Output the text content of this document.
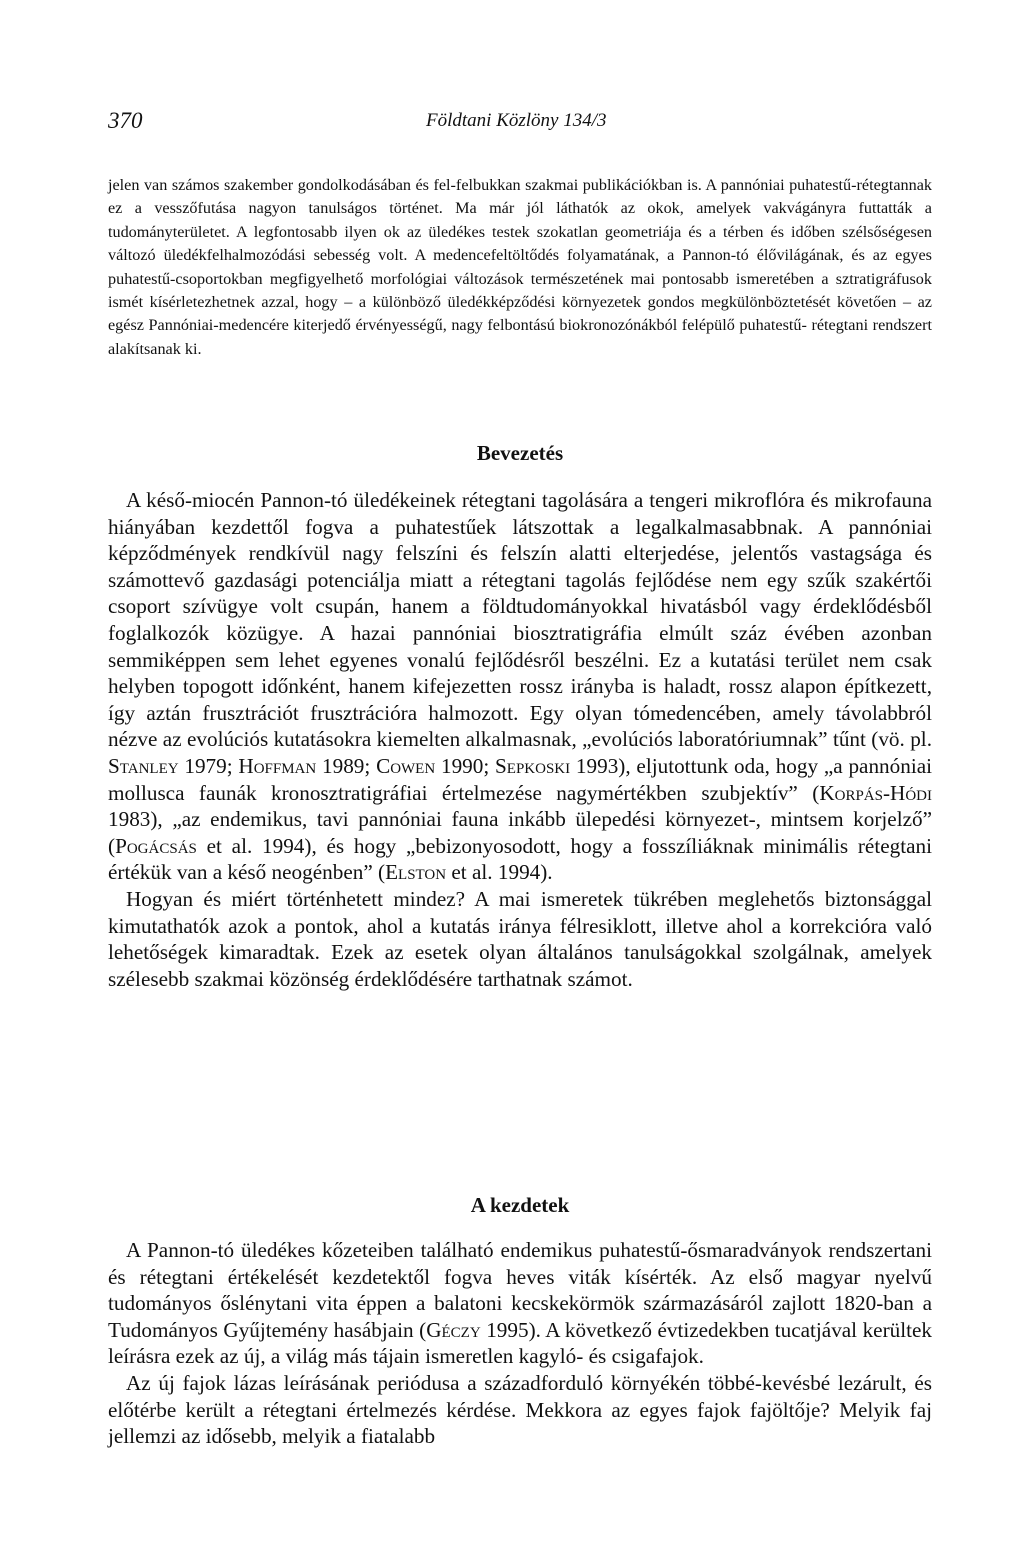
370	Földtani Közlöny 134/3

jelen van számos szakember gondolkodásában és fel-felbukkan szakmai publikációkban is. A pannóniai puhatestű-rétegtannak ez a vesszőfutása nagyon tanulságos történet. Ma már jól láthatók az okok, amelyek vakvágányra futtatták a tudományterületet. A legfontosabb ilyen ok az üledékes testek szokatlan geometriája és a térben és időben szélsőségesen változó üledékfelhalmozódási sebesség volt. A medencefeltöltődés folyamatának, a Pannon-tó élővilágának, és az egyes puhatestű-csoportokban megfigyelhető morfológiai változások természetének mai pontosabb ismeretében a sztratigráfusok ismét kísérletezhetnek azzal, hogy – a különböző üledékképződési környezetek gondos megkülönböztetését követően – az egész Pannóniai-medencére kiterjedő érvényességű, nagy felbontású biokronozónákból felépülő puhatestű- rétegtani rendszert alakítsanak ki.

Bevezetés

A késő-miocén Pannon-tó üledékeinek rétegtani tagolására a tengeri mikroflóra és mikrofauna hiányában kezdettől fogva a puhatestűek látszottak a legalkalmasabbnak. A pannóniai képződmények rendkívül nagy felszíni és felszín alatti elterjedése, jelentős vastagsága és számottevő gazdasági potenciálja miatt a rétegtani tagolás fejlődése nem egy szűk szakértői csoport szívügye volt csupán, hanem a földtudományokkal hivatásból vagy érdeklődésből foglalkozók közügye. A hazai pannóniai biosztratigráfia elmúlt száz évében azonban semmiképpen sem lehet egyenes vonalú fejlődésről beszélni. Ez a kutatási terület nem csak helyben topogott időnként, hanem kifejezetten rossz irányba is haladt, rossz alapon építkezett, így aztán frusztrációt frusztrációra halmozott. Egy olyan tómedencében, amely távolabbról nézve az evolúciós kutatásokra kiemelten alkalmasnak, „evolúciós laboratóriumnak” tűnt (vö. pl. Stanley 1979; Hoffman 1989; Cowen 1990; Sepkoski 1993), eljutottunk oda, hogy „a pannóniai mollusca faunák kronosztratigráfiai értelmezése nagymértékben szubjektív” (Korpás-Hódi 1983), „az endemikus, tavi pannóniai fauna inkább ülepedési környezet-, mintsem korjelző” (Pogácsás et al. 1994), és hogy „bebizonyosodott, hogy a fosszíliáknak minimális rétegtani értékük van a késő neogénben” (Elston et al. 1994).

Hogyan és miért történhetett mindez? A mai ismeretek tükrében meglehetős biztonsággal kimutathatók azok a pontok, ahol a kutatás iránya félresiklott, illetve ahol a korrekcióra való lehetőségek kimaradtak. Ezek az esetek olyan általános tanulságokkal szolgálnak, amelyek szélesebb szakmai közönség érdeklődésére tarthatnak számot.

A kezdetek

A Pannon-tó üledékes kőzeteiben található endemikus puhatestű-ősmaradványok rendszertani és rétegtani értékelését kezdetektől fogva heves viták kísérték. Az első magyar nyelvű tudományos őslénytani vita éppen a balatoni kecskekörmök származásáról zajlott 1820-ban a Tudományos Gyűjtemény hasábjain (Géczy 1995). A következő évtizedekben tucatjával kerültek leírásra ezek az új, a világ más tájain ismeretlen kagyló- és csigafajok.

Az új fajok lázas leírásának periódusa a századforduló környékén többé-kevésbé lezárult, és előtérbe került a rétegtani értelmezés kérdése. Mekkora az egyes fajok fajöltője? Melyik faj jellemzi az idősebb, melyik a fiatalabb
